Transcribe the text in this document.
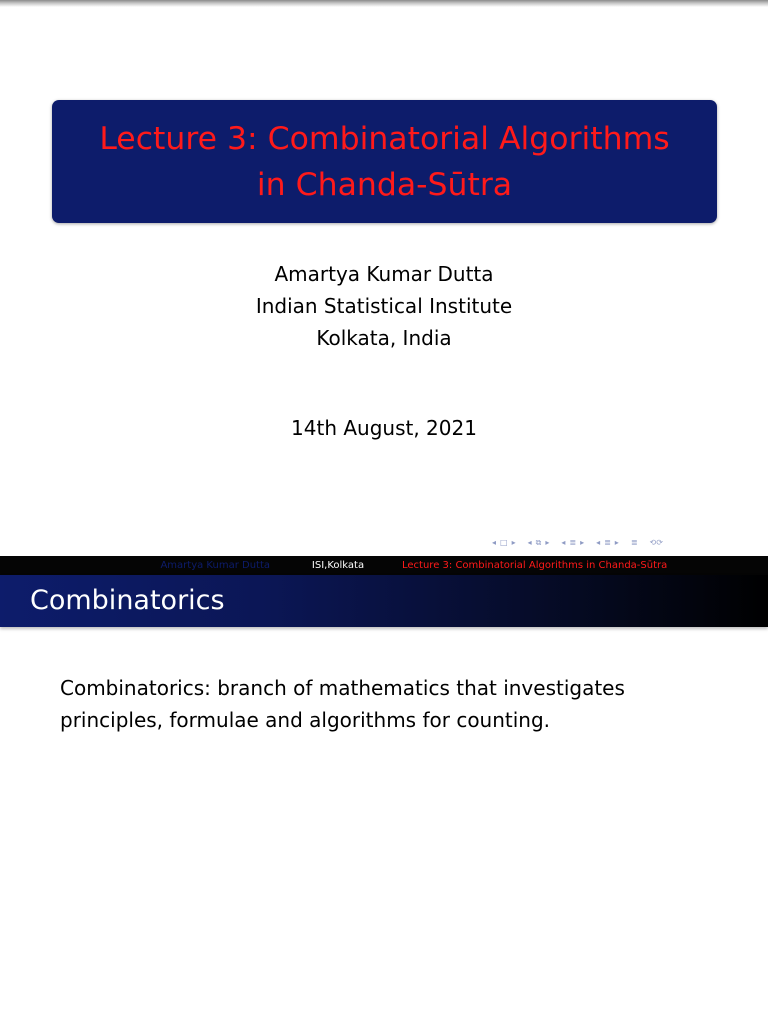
Lecture 3: Combinatorial Algorithms
in Chanda-Sūtra
Amartya Kumar Dutta
Indian Statistical Institute
Kolkata, India
14th August, 2021
◂ □ ▸ ◂ ⧉ ▸ ◂ ≣ ▸ ◂ ≣ ▸ ≣ ⟲⟳
Amartya Kumar Dutta	ISI,Kolkata	Lecture 3: Combinatorial Algorithms in Chanda-Sūtra
Combinatorics
Combinatorics: branch of mathematics that investigates
principles, formulae and algorithms for counting.
